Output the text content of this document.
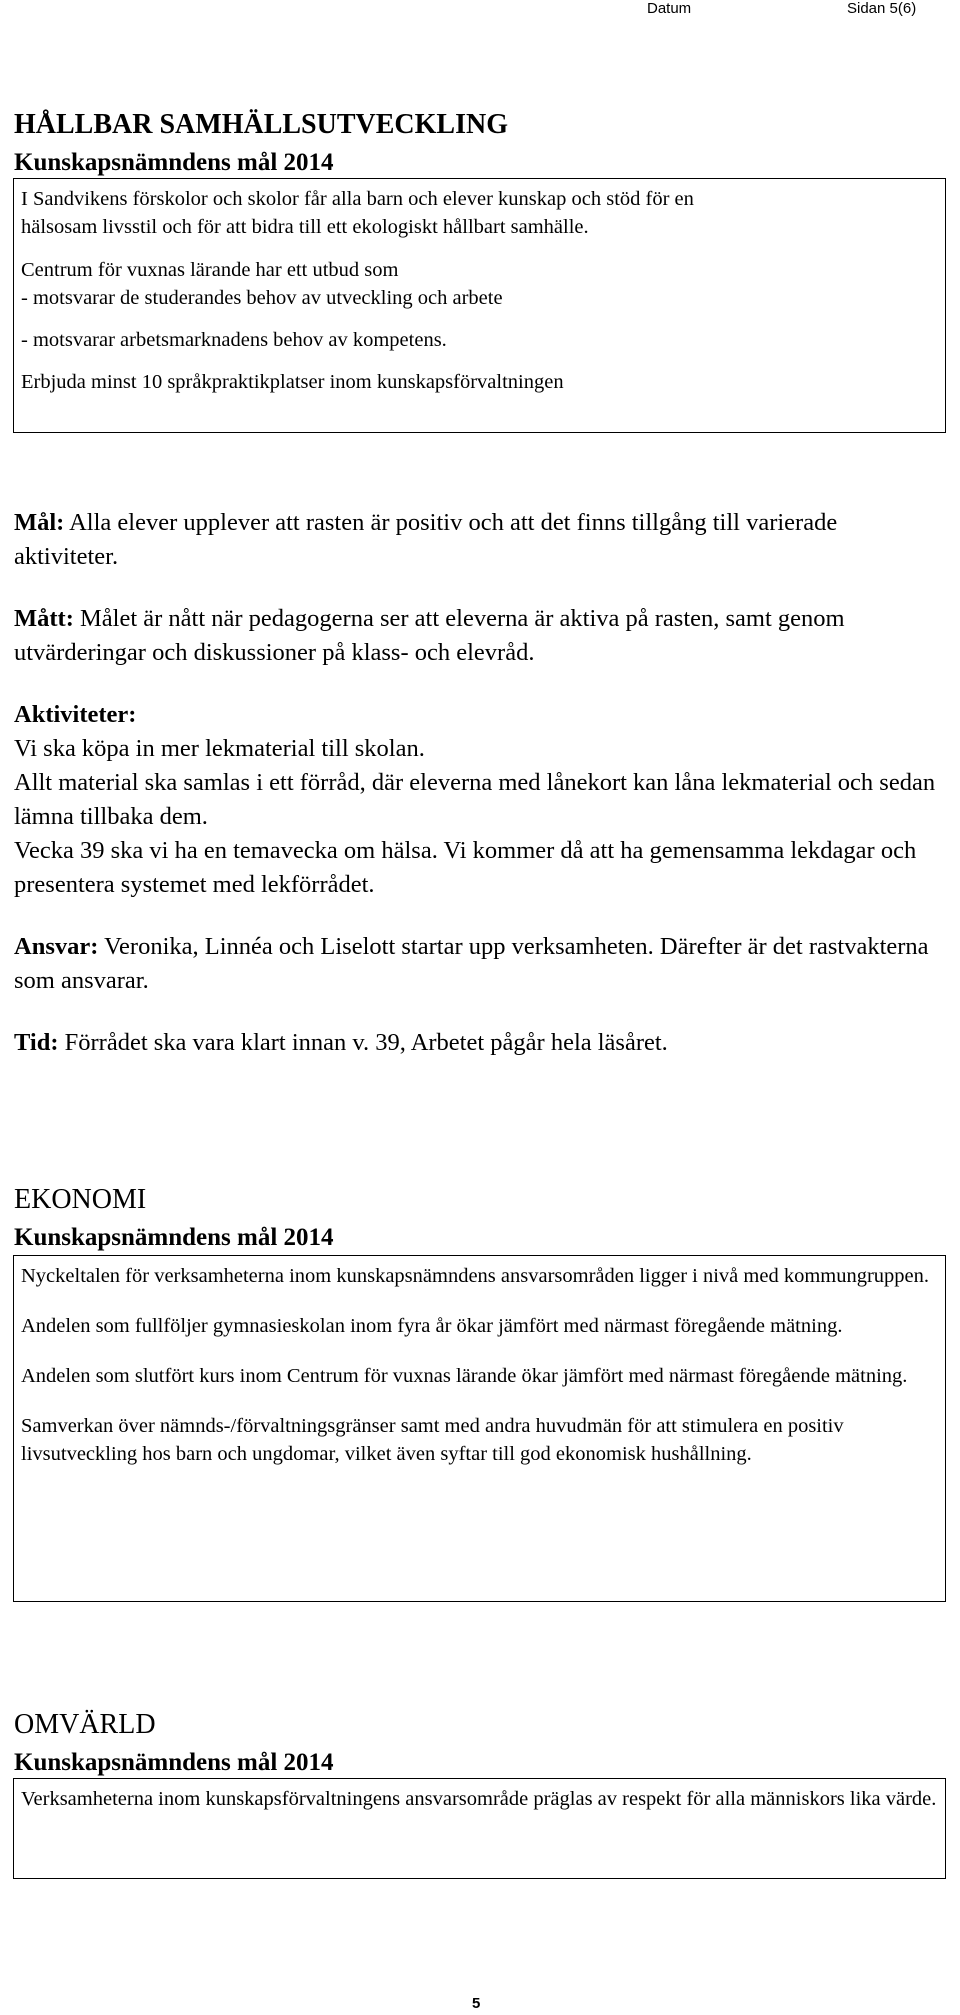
Datum	Sidan 5(6)
HÅLLBAR SAMHÄLLSUTVECKLING
Kunskapsnämndens mål 2014

I Sandvikens förskolor och skolor får alla barn och elever kunskap och stöd för en

hälsosam livsstil och för att bidra till ett ekologiskt hållbart samhälle.

Centrum för vuxnas lärande har ett utbud som

- motsvarar de studerandes behov av utveckling och arbete

- motsvarar arbetsmarknadens behov av kompetens.

Erbjuda minst 10 språkpraktikplatser inom kunskapsförvaltningen

Mål: Alla elever upplever att rasten är positiv och att det finns tillgång till varierade aktiviteter.

Mått: Målet är nått när pedagogerna ser att eleverna är aktiva på rasten, samt genom utvärderingar och diskussioner på klass- och elevråd.

Aktiviteter:

Vi ska köpa in mer lekmaterial till skolan.

Allt material ska samlas i ett förråd, där eleverna med lånekort kan låna lekmaterial och sedan lämna tillbaka dem.

Vecka 39 ska vi ha en temavecka om hälsa. Vi kommer då att ha gemensamma lekdagar och presentera systemet med lekförrådet.

Ansvar: Veronika, Linnéa och Liselott startar upp verksamheten. Därefter är det rastvakterna som ansvarar.

Tid: Förrådet ska vara klart innan v. 39, Arbetet pågår hela läsåret.

EKONOMI
Kunskapsnämndens mål 2014

Nyckeltalen för verksamheterna inom kunskapsnämndens ansvarsområden ligger i nivå med kommungruppen.

Andelen som fullföljer gymnasieskolan inom fyra år ökar jämfört med närmast föregående mätning.

Andelen som slutfört kurs inom Centrum för vuxnas lärande ökar jämfört med närmast föregående mätning.

Samverkan över nämnds-/förvaltningsgränser samt med andra huvudmän för att stimulera en positiv livsutveckling hos barn och ungdomar, vilket även syftar till god ekonomisk hushållning.

OMVÄRLD
Kunskapsnämndens mål 2014

Verksamheterna inom kunskapsförvaltningens ansvarsområde präglas av respekt för alla människors lika värde.

5
